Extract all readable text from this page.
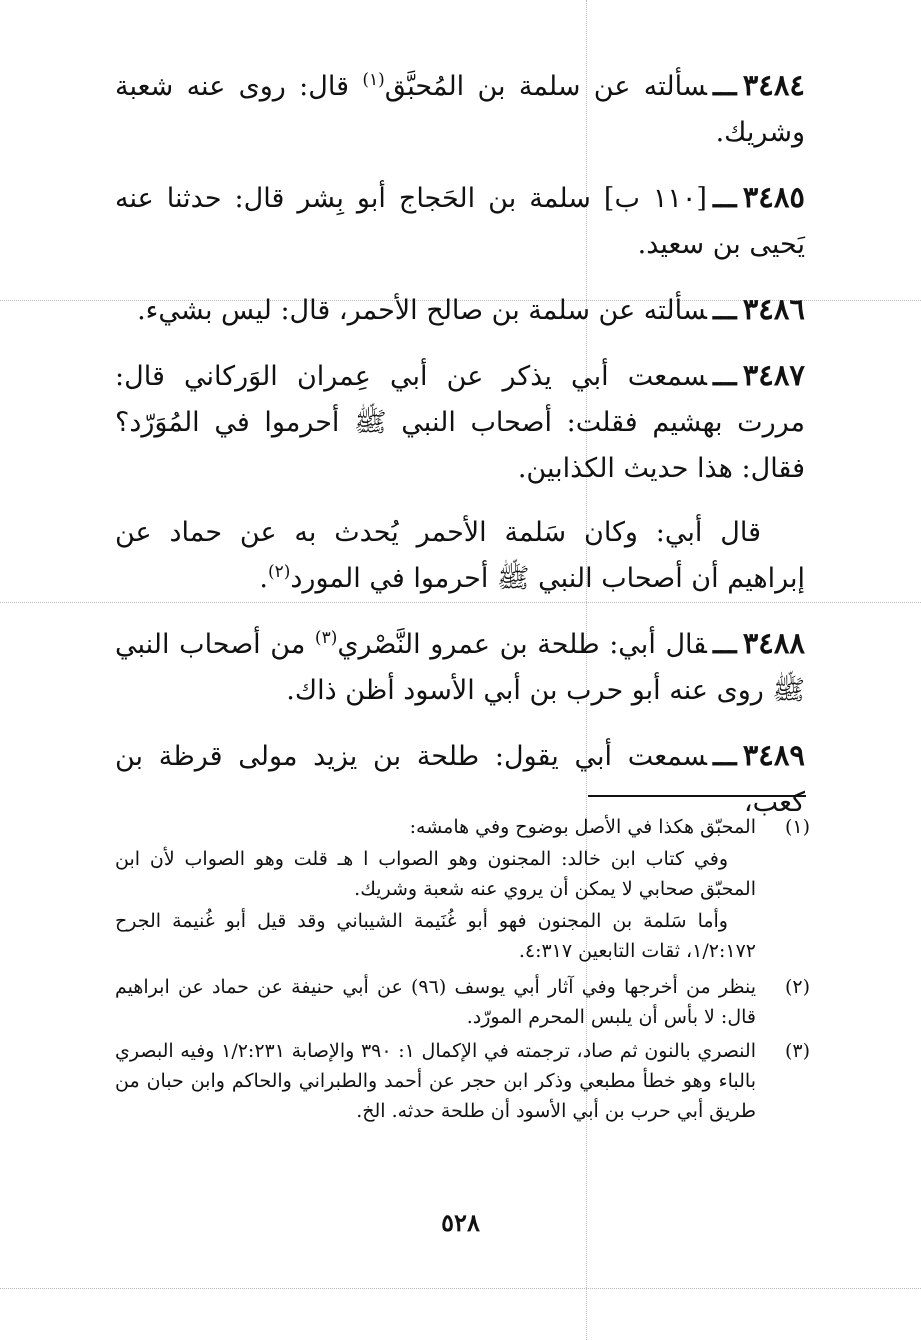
٣٤٨٤ـــسألته عن سلمة بن المُحبَّق$^{(١)}$ قال: روى عنه شعبة وشريك.

٣٤٨٥ـــ[١١٠ ب] سلمة بن الحَجاج أبو بِشر قال: حدثنا عنه يَحيى بن سعيد.

٣٤٨٦ـــسألته عن سلمة بن صالح الأحمر، قال: ليس بشيء.

٣٤٨٧ـــسمعت أبي يذكر عن أبي عِمران الوَركاني قال: مررت بهشيم فقلت: أصحاب النبي ﷺ أحرموا في المُوَرّد؟ فقال: هذا حديث الكذابين.

قال أبي: وكان سَلمة الأحمر يُحدث به عن حماد عن إبراهيم أن أصحاب النبي ﷺ أحرموا في المورد$^{(٢)}$.

٣٤٨٨ـــقال أبي: طلحة بن عمرو النَّصْري$^{(٣)}$ من أصحاب النبي ﷺ روى عنه أبو حرب بن أبي الأسود أظن ذاك.

٣٤٨٩ـــسمعت أبي يقول: طلحة بن يزيد مولى قرظة بن كعب،

(١)

المحبّق هكذا في الأصل بوضوح وفي هامشه:

وفي كتاب ابن خالد: المجنون وهو الصواب ا هـ قلت وهو الصواب لأن ابن المحبّق صحابي لا يمكن أن يروي عنه شعبة وشريك.

وأما سَلمة بن المجنون فهو أبو غُنَيمة الشيباني وقد قيل أبو غُنيمة الجرح ١/٢:١٧٢، ثقات التابعين ٤:٣١٧.

(٢)
ينظر من أخرجها وفي آثار أبي يوسف (٩٦) عن أبي حنيفة عن حماد عن ابراهيم قال: لا بأس أن يلبس المحرم المورّد.
(٣)
النصري بالنون ثم صاد، ترجمته في الإكمال ١: ٣٩٠ والإصابة ١/٢:٢٣١ وفيه البصري بالباء وهو خطأ مطبعي وذكر ابن حجر عن أحمد والطبراني والحاكم وابن حبان من طريق أبي حرب بن أبي الأسود أن طلحة حدثه. الخ.
٥٢٨
